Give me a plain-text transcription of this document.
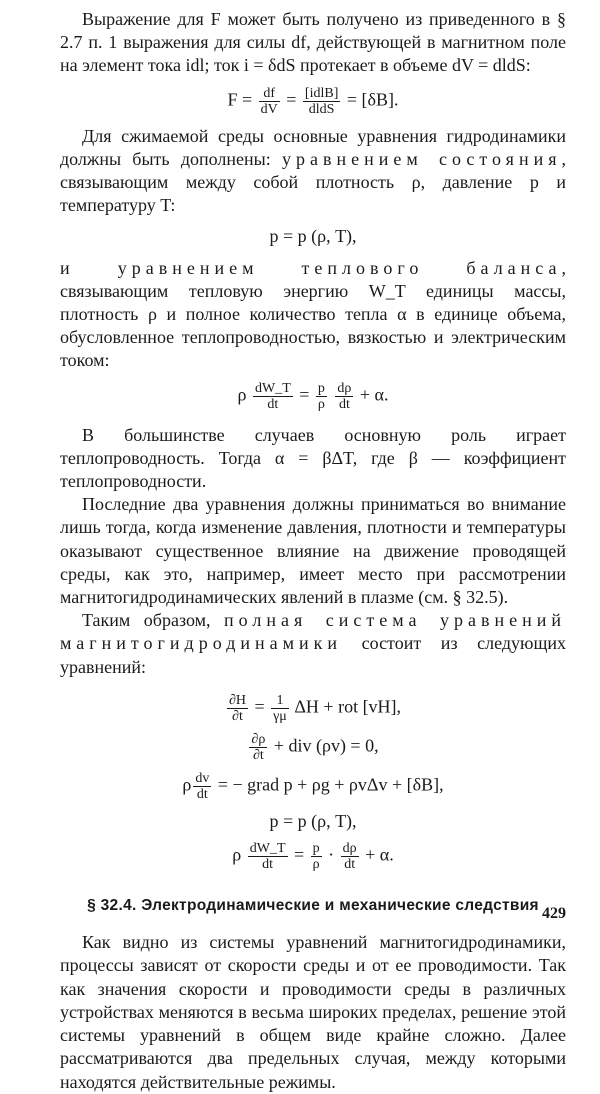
Выражение для F может быть получено из приведенного в § 2.7 п. 1 выражения для силы df, действующей в магнитном поле на элемент тока idl; ток i = δdS протекает в объеме dV = dldS:

$F = \frac{df}{dV}$ = [idlB]
dldS = [δB].

Для сжимаемой среды основные уравнения гидродинамики должны быть дополнены: уравнением состояния, связывающим между собой плотность ρ, давление p и температуру T:

p = p (ρ, T),

и уравнением теплового баланса, связывающим тепловую энергию W_T единицы массы, плотность ρ и полное количество тепла α в единице объема, обусловленное теплопроводностью, вязкостью и электрическим током:

ρ $\frac{dW\_T}{dt} = \frac{p}{\rho}$
$\frac{d\rho}{dt} + \alpha$.

В большинстве случаев основную роль играет теплопроводность. Тогда α = βΔT, где β — коэффициент теплопроводности.

Последние два уравнения должны приниматься во внимание лишь тогда, когда изменение давления, плотности и температуры оказывают существенное влияние на движение проводящей среды, как это, например, имеет место при рассмотрении магнитогидродинамических явлений в плазме (см. § 32.5).

Таким образом, полная система уравнений магнитогидродинамики состоит из следующих уравнений:

$\frac{\partial H}{\partial t} = \frac{1}{\gamma\mu}$ ΔH + rot [vH],
$\frac{\partial\rho}{\partial t}$ + div (ρv) = 0,
ρ $\frac{dv}{dt}$ = − grad p + ρg + ρvΔv + [δB],
p = p (ρ, T),
ρ $\frac{dW\_T}{dt} = \frac{p}{\rho} \cdot \frac{d\rho}{dt} + \alpha$.
§ 32.4. Электродинамические и механические следствия

Как видно из системы уравнений магнитогидродинамики, процессы зависят от скорости среды и от ее проводимости. Так как значения скорости и проводимости среды в различных устройствах меняются в весьма широких пределах, решение этой системы уравнений в общем виде крайне сложно. Далее рассматриваются два предельных случая, между которыми находятся действительные режимы.

429
